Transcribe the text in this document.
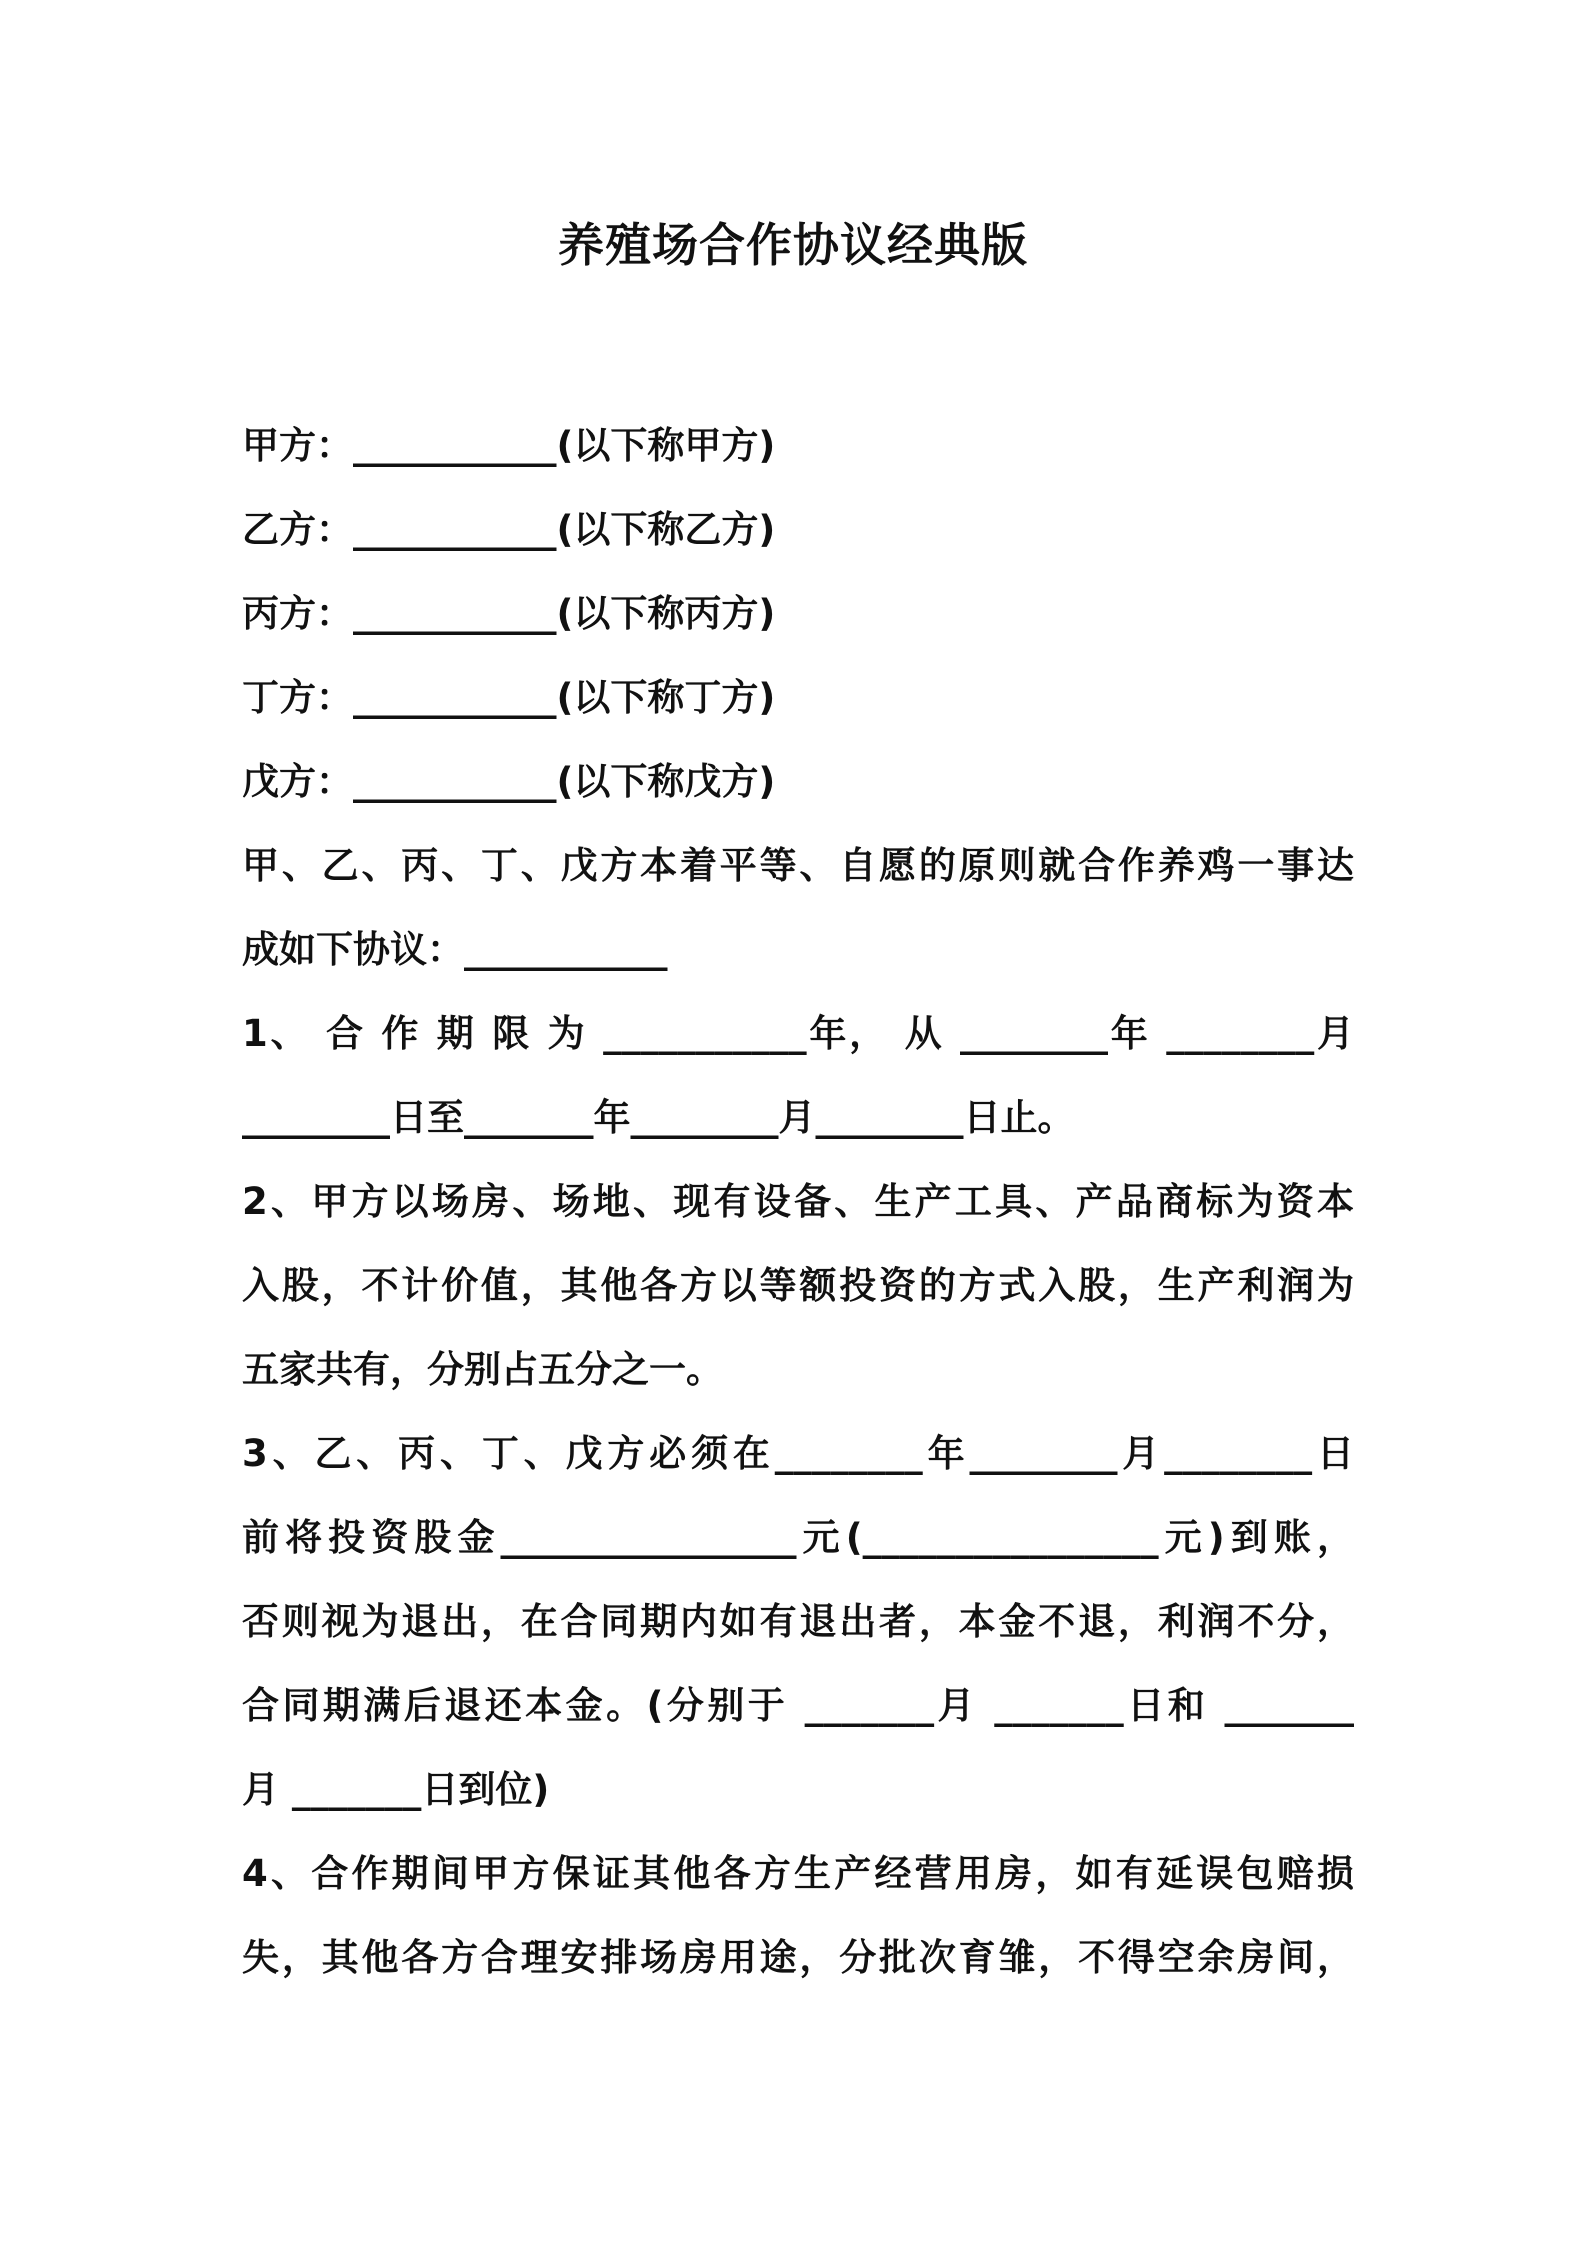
养殖场合作协议经典版

甲方：___________(以下称甲方)

乙方：___________(以下称乙方)

丙方：___________(以下称丙方)

丁方：___________(以下称丁方)

戊方：___________(以下称戊方)

甲、乙、丙、丁、戊方本着平等、自愿的原则就合作养鸡一事达

成如下协议：___________

1、 合 作 期 限 为 ___________年， 从 ________年 ________月

________日至_______年________月________日止。

2、甲方以场房、场地、现有设备、生产工具、产品商标为资本

入股，不计价值，其他各方以等额投资的方式入股，生产利润为

五家共有，分别占五分之一。

3、乙、丙、丁、戊方必须在________年________月________日

前将投资股金________________元(________________元)到账，

否则视为退出，在合同期内如有退出者，本金不退，利润不分，

合同期满后退还本金。(分别于 _______月 _______日和 _______

月 _______日到位)

4、合作期间甲方保证其他各方生产经营用房，如有延误包赔损

失，其他各方合理安排场房用途，分批次育雏，不得空余房间，
